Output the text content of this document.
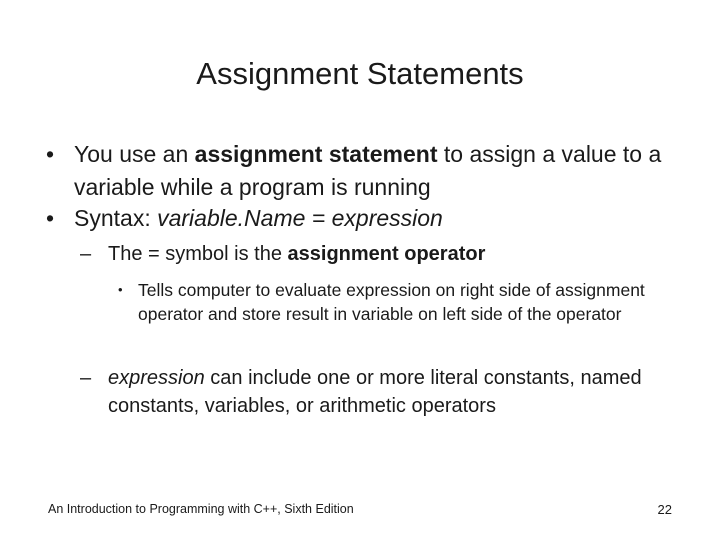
Assignment Statements
• You use an assignment statement to assign a value to a variable while a program is running
• Syntax: variable.Name = expression
– The = symbol is the assignment operator
• Tells computer to evaluate expression on right side of assignment operator and store result in variable on left side of the operator
– expression can include one or more literal constants, named constants, variables, or arithmetic operators
An Introduction to Programming with C++, Sixth Edition	22
